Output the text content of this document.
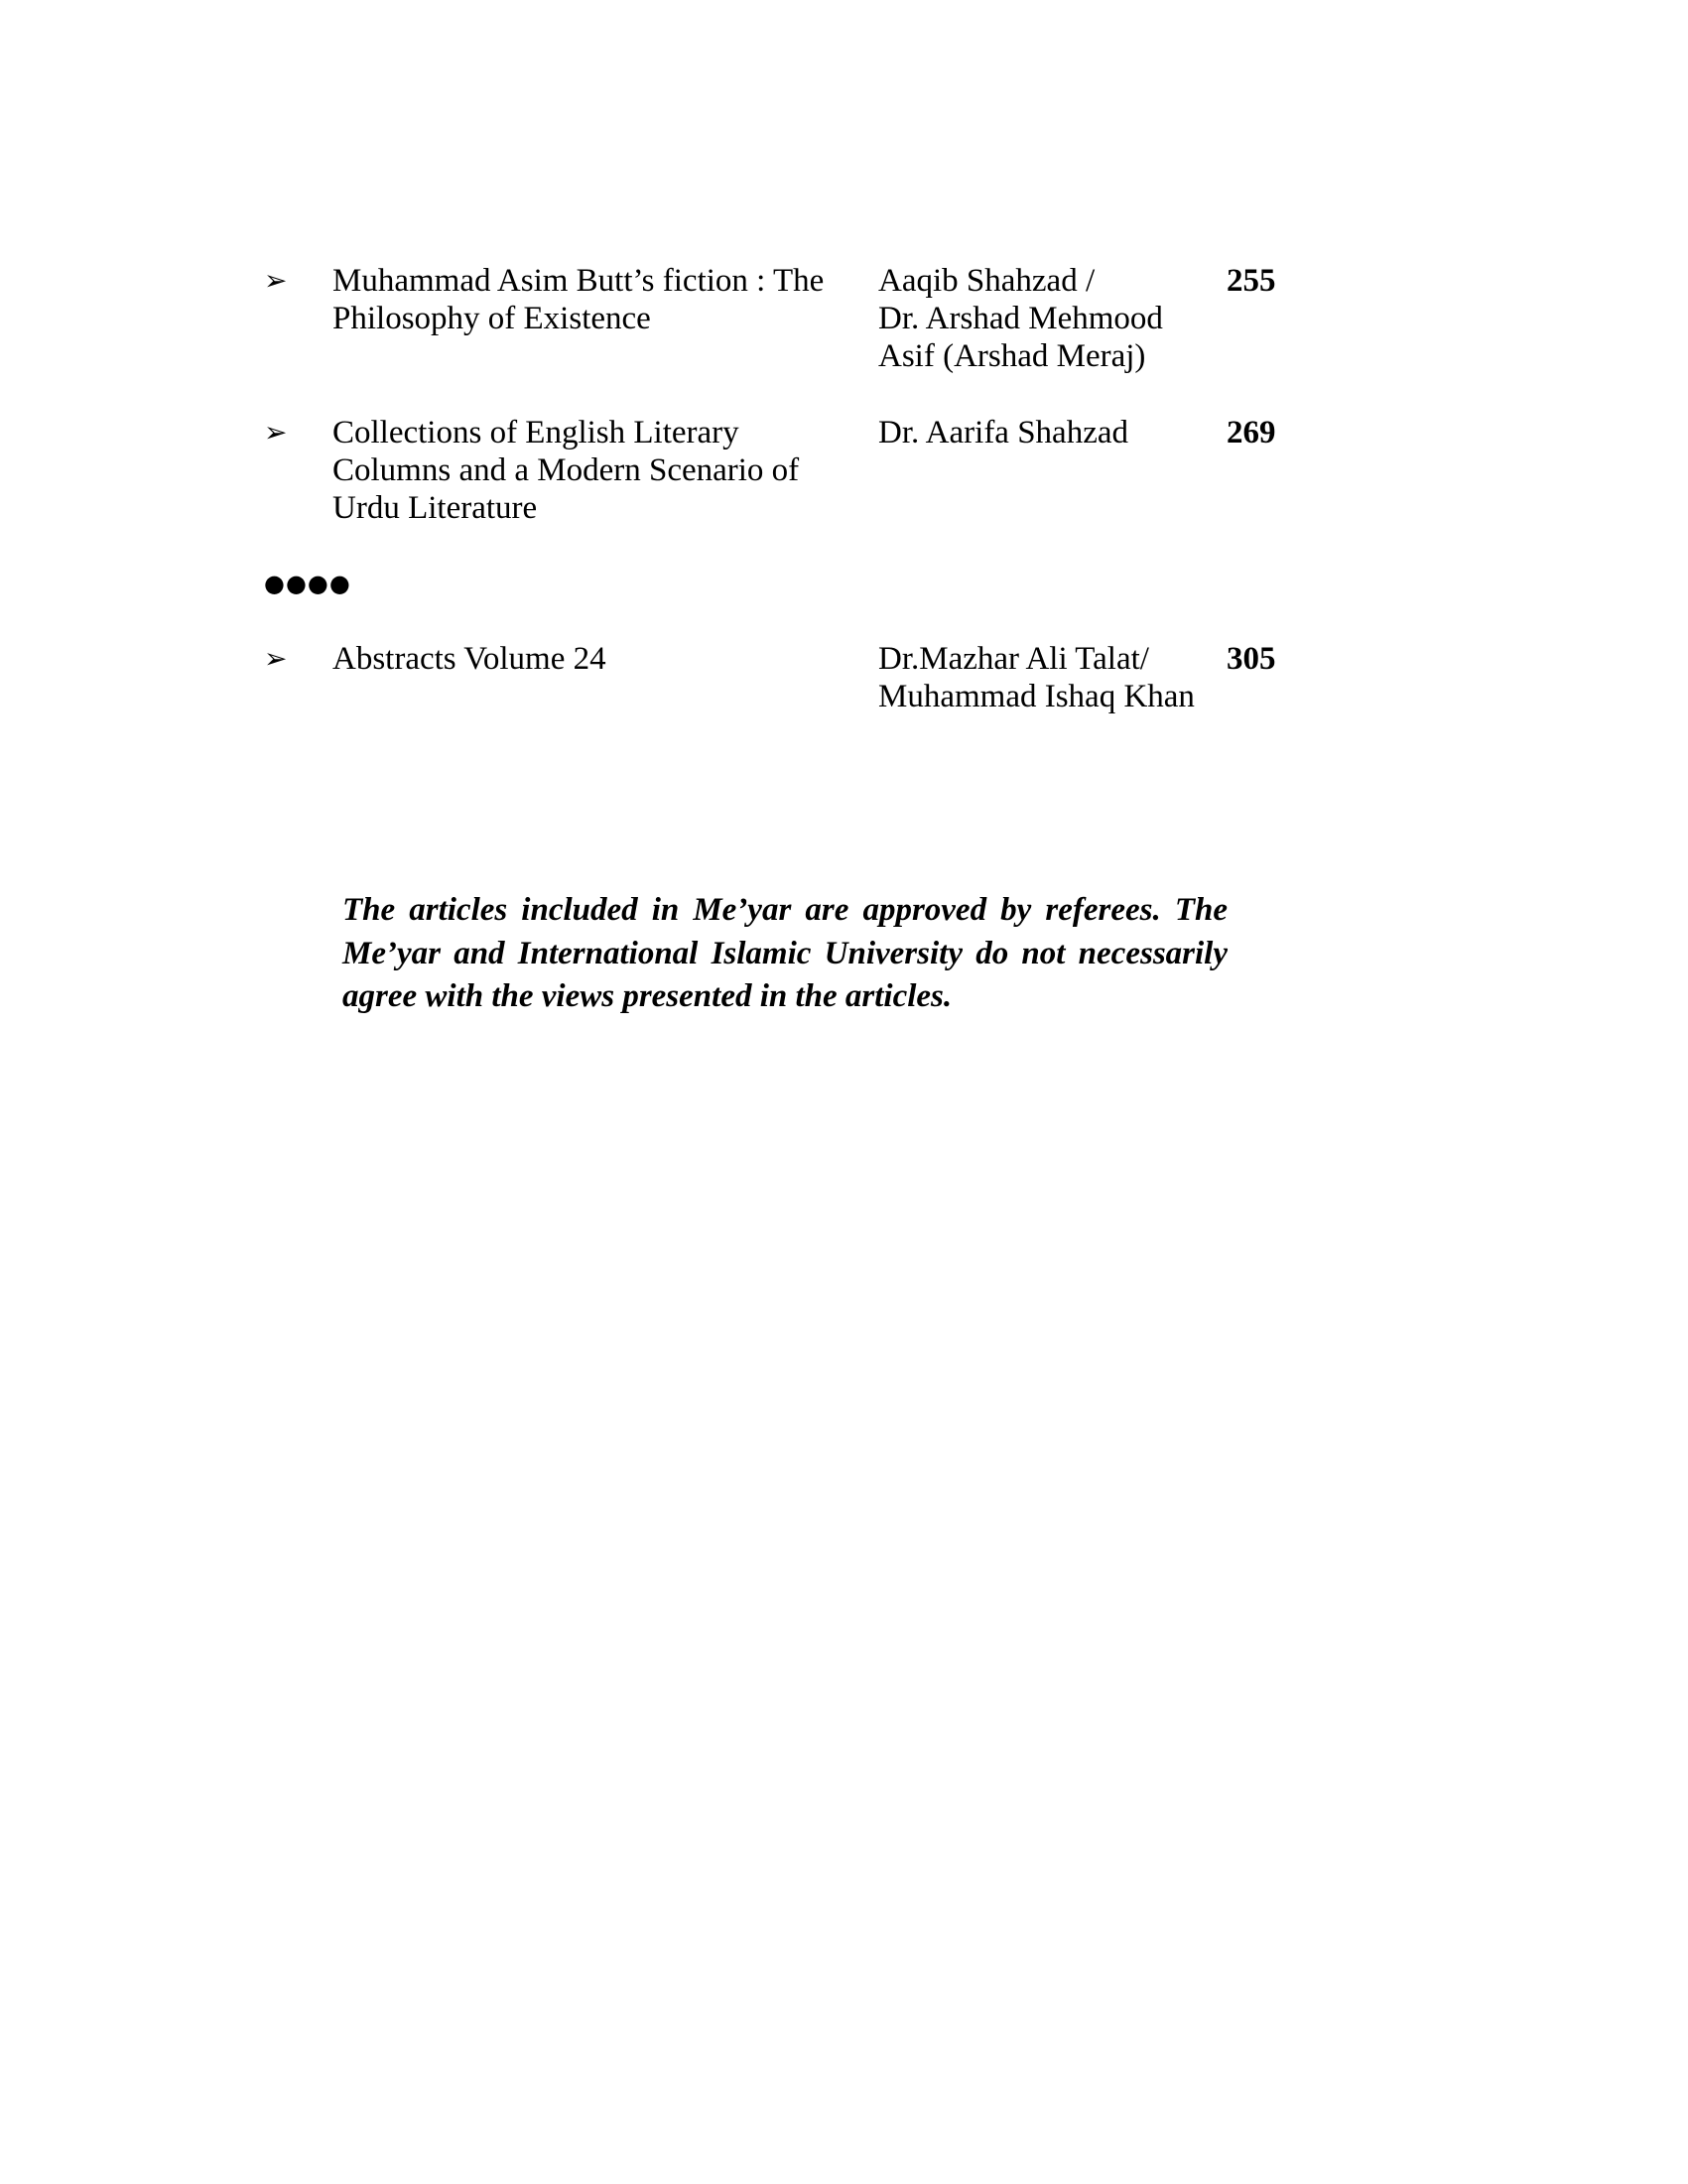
➢ Muhammad Asim Butt’s fiction : The
Philosophy of Existence
Aaqib Shahzad /
Dr. Arshad Mehmood
Asif (Arshad Meraj)
255
➢ Collections of English Literary
Columns and a Modern Scenario of
Urdu Literature
Dr. Aarifa Shahzad	269
●●●●
➢ Abstracts Volume 24	Dr.Mazhar Ali Talat/
Muhammad Ishaq Khan
305
The articles included in Me’yar are approved by referees. The
Me’yar and International Islamic University do not necessarily
agree with the views presented in the articles.
